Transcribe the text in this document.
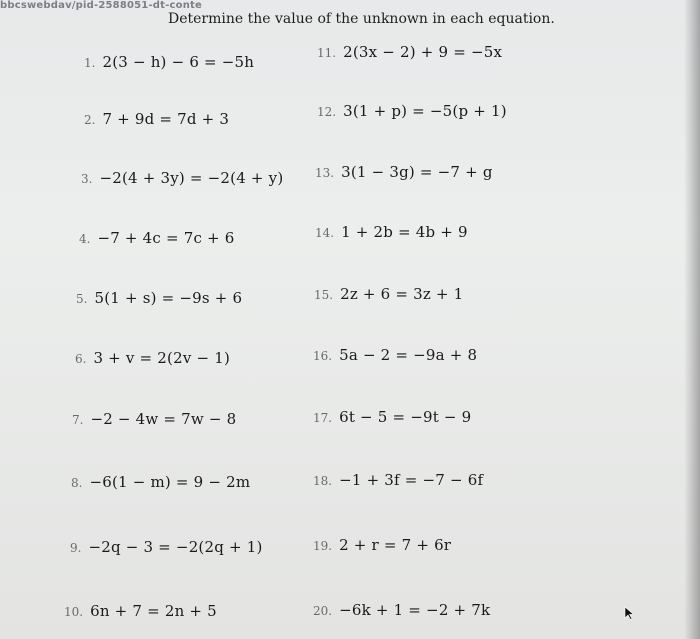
bbcswebdav/pid-2588051-dt-conte
Determine the value of the unknown in each equation.
1. 2(3 − h) − 6 = −5h
2. 7 + 9d = 7d + 3
3. −2(4 + 3y) = −2(4 + y)
4. −7 + 4c = 7c + 6
5. 5(1 + s) = −9s + 6
6. 3 + v = 2(2v − 1)
7. −2 − 4w = 7w − 8
8. −6(1 − m) = 9 − 2m
9. −2q − 3 = −2(2q + 1)
10. 6n + 7 = 2n + 5
11. 2(3x − 2) + 9 = −5x
12. 3(1 + p) = −5(p + 1)
13. 3(1 − 3g) = −7 + g
14. 1 + 2b = 4b + 9
15. 2z + 6 = 3z + 1
16. 5a − 2 = −9a + 8
17. 6t − 5 = −9t − 9
18. −1 + 3f = −7 − 6f
19. 2 + r = 7 + 6r
20. −6k + 1 = −2 + 7k
